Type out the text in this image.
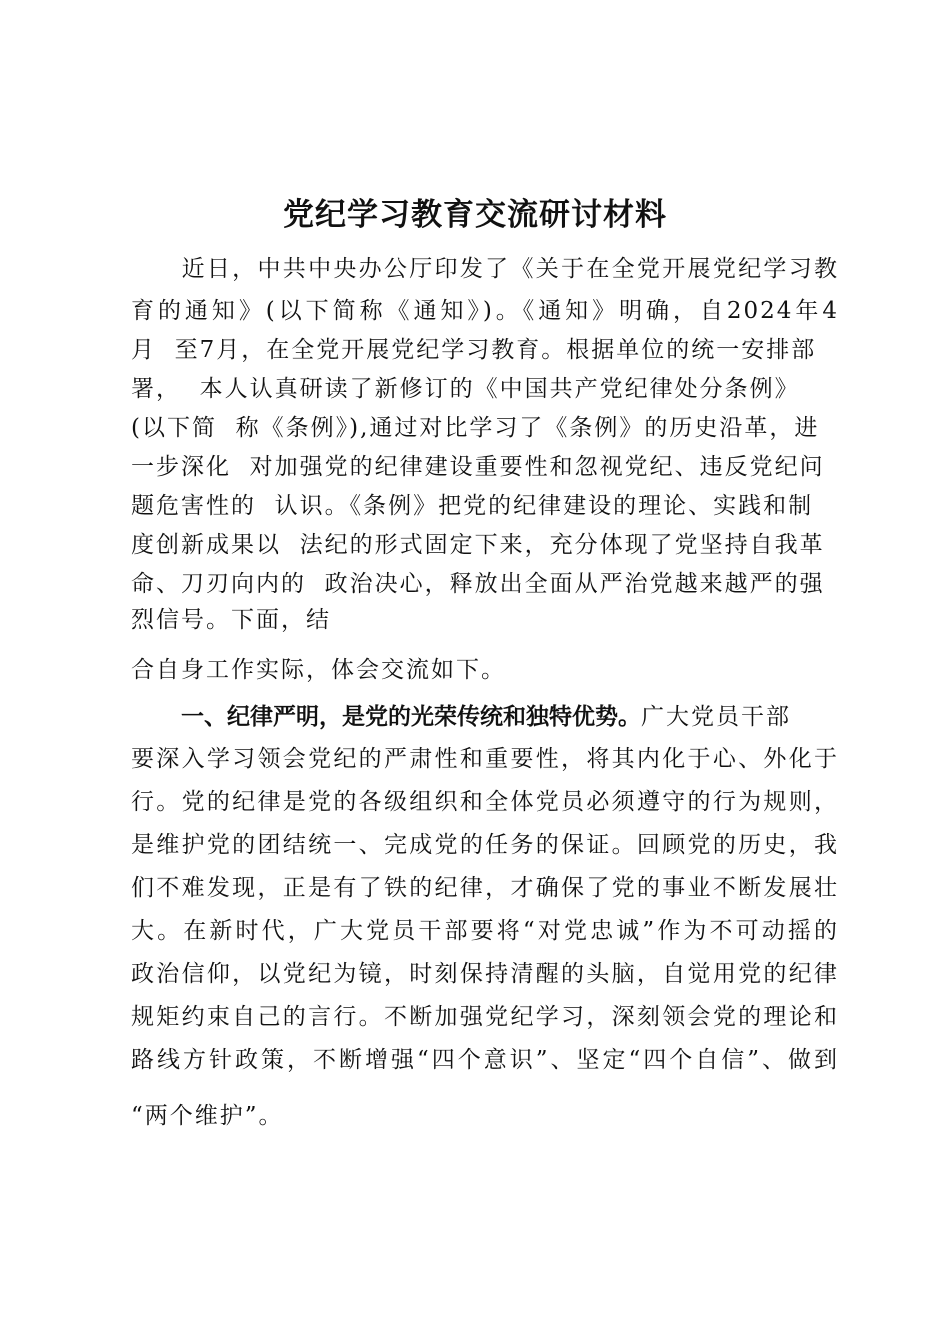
党纪学习教育交流研讨材料
　　近日，中共中央办公厅印发了《关于在全党开展党纪学习教
育的通知》(以下简称《通知》)。《通知》明确，自2024年4
月  至7月，在全党开展党纪学习教育。根据单位的统一安排部
署，  本人认真研读了新修订的《中国共产党纪律处分条例》
(以下简  称《条例》),通过对比学习了《条例》的历史沿革，进
一步深化  对加强党的纪律建设重要性和忽视党纪、违反党纪问
题危害性的  认识。《条例》把党的纪律建设的理论、实践和制
度创新成果以  法纪的形式固定下来，充分体现了党坚持自我革
命、刀刃向内的  政治决心，释放出全面从严治党越来越严的强
烈信号。下面，结
合自身工作实际，体会交流如下。
　　一、纪律严明，是党的光荣传统和独特优势。广大党员干部
要深入学习领会党纪的严肃性和重要性，将其内化于心、外化于
行。党的纪律是党的各级组织和全体党员必须遵守的行为规则，
是维护党的团结统一、完成党的任务的保证。回顾党的历史，我
们不难发现，正是有了铁的纪律，才确保了党的事业不断发展壮
大。在新时代，广大党员干部要将“对党忠诚”作为不可动摇的
政治信仰，以党纪为镜，时刻保持清醒的头脑，自觉用党的纪律
规矩约束自己的言行。不断加强党纪学习，深刻领会党的理论和
路线方针政策，不断增强“四个意识”、坚定“四个自信”、做到
“两个维护”。
